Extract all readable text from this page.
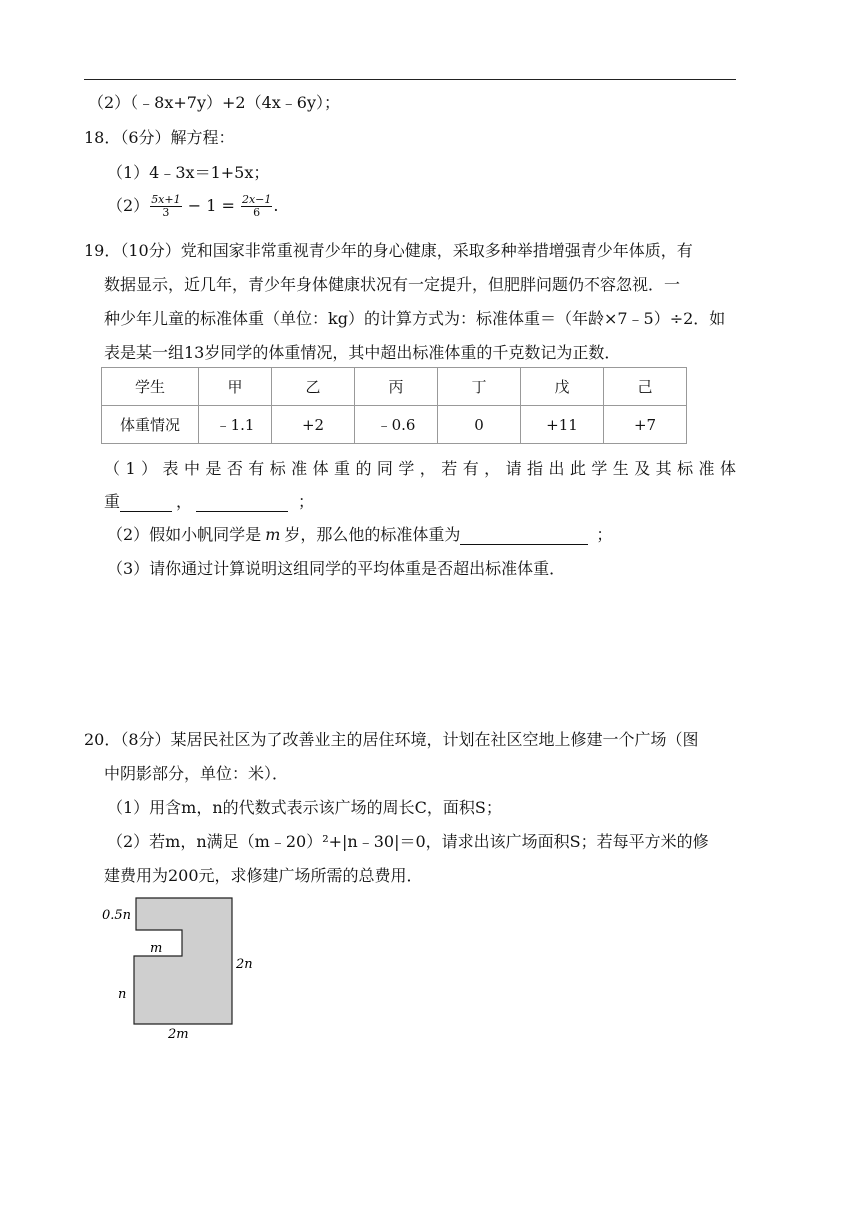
（2）（﹣8x+7y）+2（4x﹣6y）；
18．（6分）解方程：
（1）4﹣3x＝1+5x；
$(2) \frac{5x+1}{3} - 1 = \frac{2x-1}{6}$ .
19．（10分）党和国家非常重视青少年的身心健康，采取多种举措增强青少年体质，有
数据显示，近几年，青少年身体健康状况有一定提升，但肥胖问题仍不容忽视．一
种少年儿童的标准体重（单位：kg）的计算方式为：标准体重＝（年龄×7﹣5）÷2．如
表是某一组13岁同学的体重情况，其中超出标准体重的千克数记为正数．
学生	甲	乙	丙	丁	戊	己
体重情况	﹣1.1	+2	﹣0.6	0	+11	+7
（1）表中是否有标准体重的同学，若有，请指出此学生及其标准体
重	，	；
（2）假如小帆同学是 m 岁，那么他的标准体重为	；
（3）请你通过计算说明这组同学的平均体重是否超出标准体重．
20．（8分）某居民社区为了改善业主的居住环境，计划在社区空地上修建一个广场（图
中阴影部分，单位：米）．
（1）用含m，n的代数式表示该广场的周长C，面积S；
（2）若m，n满足（m﹣20）²+|n﹣30|＝0，请求出该广场面积S；若每平方米的修
建费用为200元，求修建广场所需的总费用．
0.5n
m
2n
n
2m
